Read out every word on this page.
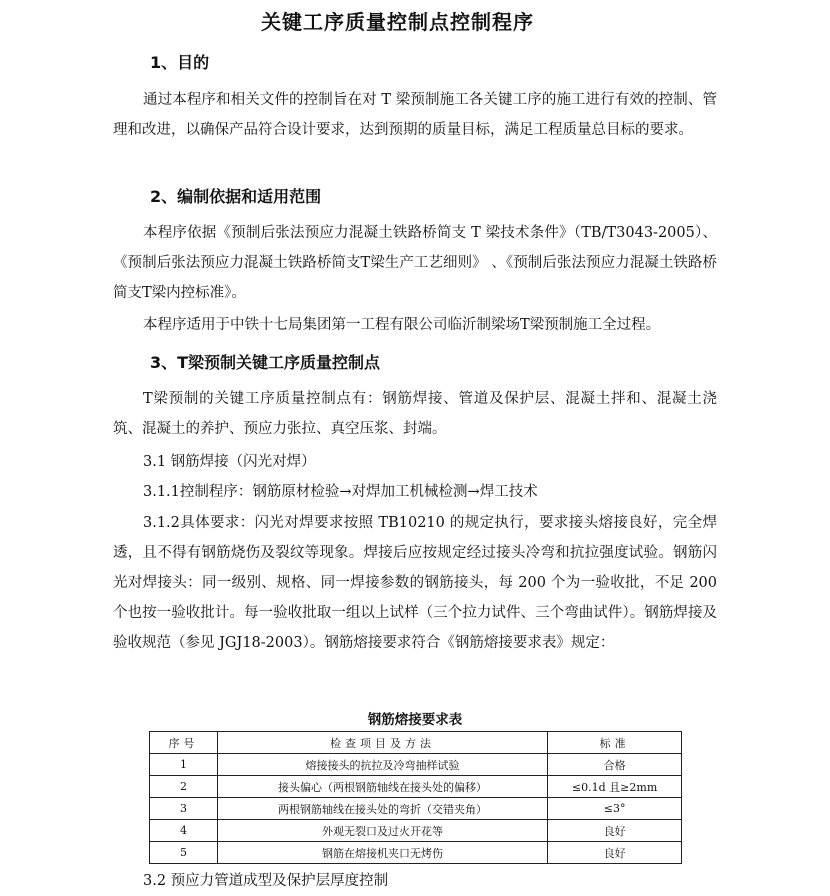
关键工序质量控制点控制程序
1、目的

通过本程序和相关文件的控制旨在对 T 梁预制施工各关键工序的施工进行有效的控制、管理和改进，以确保产品符合设计要求，达到预期的质量目标，满足工程质量总目标的要求。

2、编制依据和适用范围

本程序依据《预制后张法预应力混凝土铁路桥简支 T 梁技术条件》（TB/T3043-2005）、《预制后张法预应力混凝土铁路桥简支T梁生产工艺细则》 、《预制后张法预应力混凝土铁路桥简支T梁内控标准》。

本程序适用于中铁十七局集团第一工程有限公司临沂制梁场T梁预制施工全过程。

3、T梁预制关键工序质量控制点

T梁预制的关键工序质量控制点有：钢筋焊接、管道及保护层、混凝土拌和、混凝土浇筑、混凝土的养护、预应力张拉、真空压浆、封端。

3.1 钢筋焊接（闪光对焊）
3.1.1控制程序：钢筋原材检验→对焊加工机械检测→焊工技术

3.1.2具体要求：闪光对焊要求按照 TB10210 的规定执行，要求接头熔接良好，完全焊透，且不得有钢筋烧伤及裂纹等现象。焊接后应按规定经过接头冷弯和抗拉强度试验。钢筋闪光对焊接头：同一级别、规格、同一焊接参数的钢筋接头，每 200 个为一验收批，不足 200 个也按一验收批计。每一验收批取一组以上试样（三个拉力试件、三个弯曲试件）。钢筋焊接及验收规范（参见 JGJ18-2003）。钢筋熔接要求符合《钢筋熔接要求表》规定：

钢筋熔接要求表
序号	检查项目及方法	标准
1	熔接接头的抗拉及冷弯抽样试验	合格
2	接头偏心（两根钢筋轴线在接头处的偏移）	≤0.1d 且≥2mm
3	两根钢筋轴线在接头处的弯折（交错夹角）	≤3°
4	外观无裂口及过火开花等	良好
5	钢筋在熔接机夹口无烤伤	良好
3.2 预应力管道成型及保护层厚度控制
